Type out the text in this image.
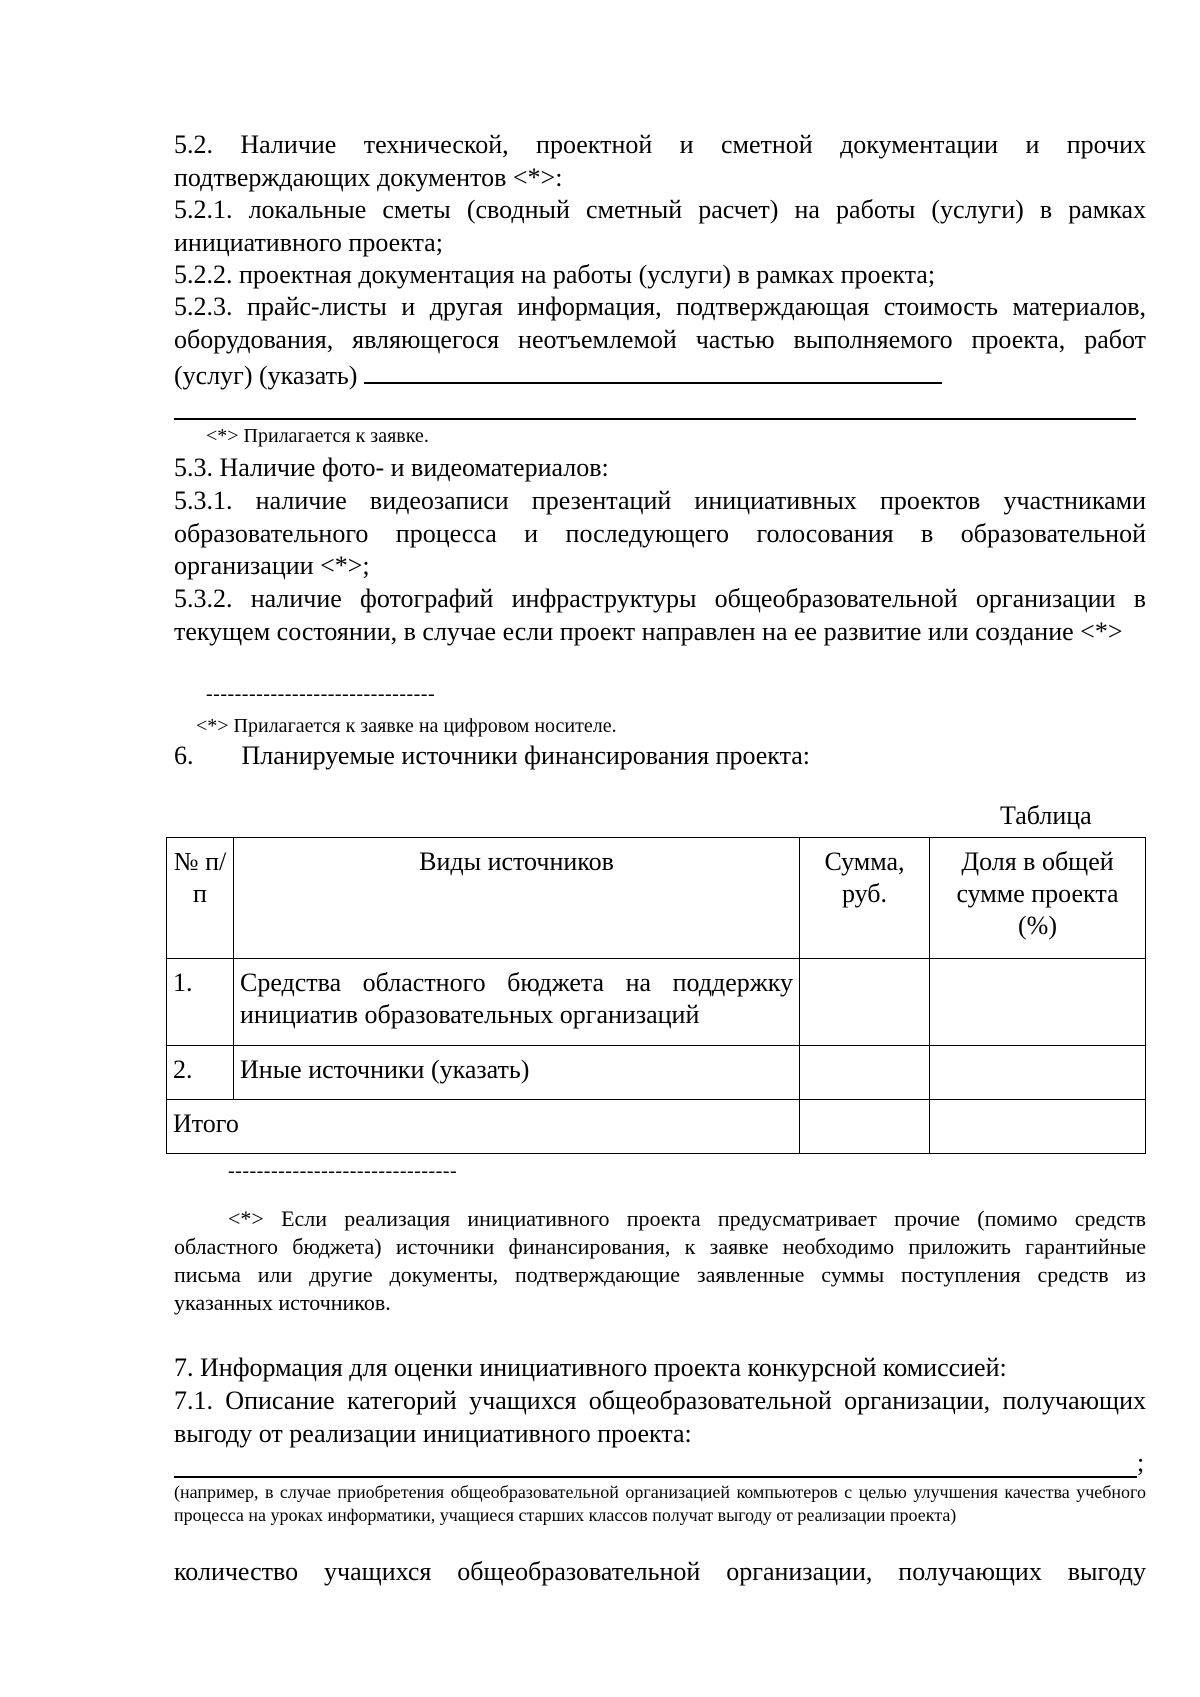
5.2. Наличие технической, проектной и сметной документации и прочих подтверждающих документов <*>:

5.2.1. локальные сметы (сводный сметный расчет) на работы (услуги) в рамках инициативного проекта;

5.2.2. проектная документация на работы (услуги) в рамках проекта;

5.2.3. прайс-листы и другая информация, подтверждающая стоимость материалов, оборудования, являющегося неотъемлемой частью выполняемого проекта, работ (услуг) (указать)

<*> Прилагается к заявке.

5.3. Наличие фото- и видеоматериалов:

5.3.1. наличие видеозаписи презентаций инициативных проектов участниками образовательного процесса и последующего голосования в образовательной организации <*>;

5.3.2. наличие фотографий инфраструктуры общеобразовательной организации в текущем состоянии, в случае если проект направлен на ее развитие или создание <*>

--------------------------------
<*> Прилагается к заявке на цифровом носителе.
6. Планируемые источники финансирования проекта:
Таблица
№ п/п	Виды источников	Сумма, руб.	Доля в общей сумме проекта (%)
1.	Средства областного бюджета на поддержку инициатив образовательных организаций		
2.	Иные источники (указать)		
Итого			
--------------------------------
<*> Если реализация инициативного проекта предусматривает прочие (помимо средств областного бюджета) источники финансирования, к заявке необходимо приложить гарантийные письма или другие документы, подтверждающие заявленные суммы поступления средств из указанных источников.

7. Информация для оценки инициативного проекта конкурсной комиссией:

7.1. Описание категорий учащихся общеобразовательной организации, получающих выгоду от реализации инициативного проекта:

;
(например, в случае приобретения общеобразовательной организацией компьютеров с целью улучшения качества учебного процесса на уроках информатики, учащиеся старших классов получат выгоду от реализации проекта)

количество учащихся общеобразовательной организации, получающих выгоду
